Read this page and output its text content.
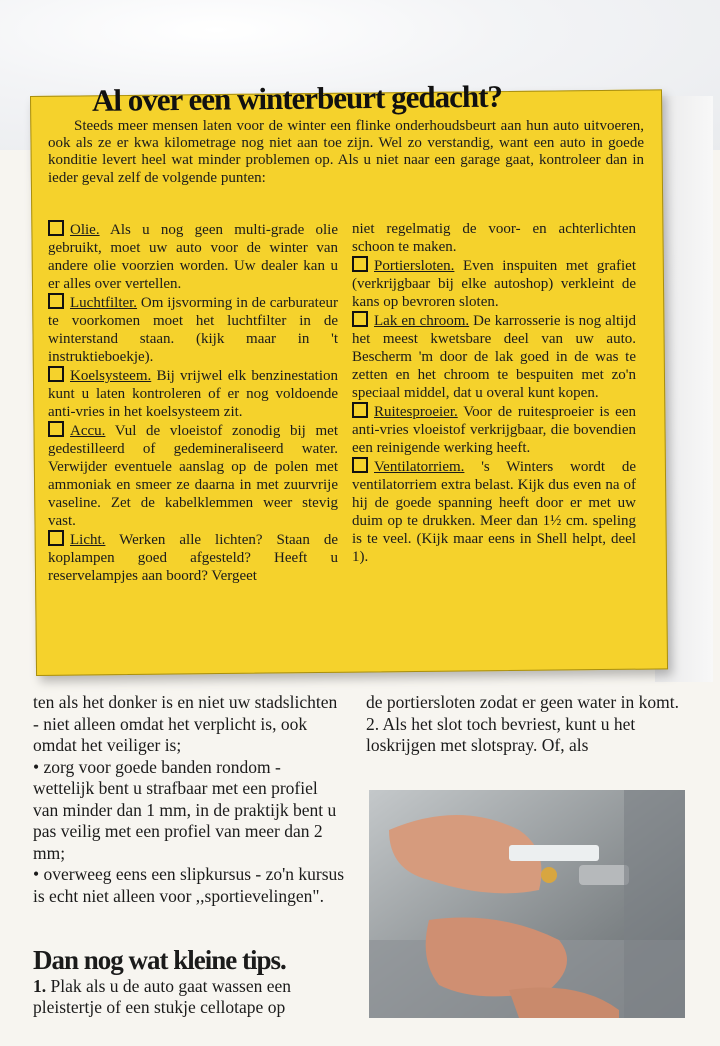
Al over een winterbeurt gedacht?
Steeds meer mensen laten voor de winter een flinke onderhoudsbeurt aan hun auto uitvoeren, ook als ze er kwa kilometrage nog niet aan toe zijn. Wel zo verstandig, want een auto in goede konditie levert heel wat minder problemen op. Als u niet naar een garage gaat, kontroleer dan in ieder geval zelf de volgende punten:

Olie. Als u nog geen multi-grade olie gebruikt, moet uw auto voor de winter van andere olie voorzien worden. Uw dealer kan u er alles over vertellen.

Luchtfilter. Om ijsvorming in de carburateur te voorkomen moet het luchtfilter in de winterstand staan. (kijk maar in 't instruktieboekje).

Koelsysteem. Bij vrijwel elk benzinestation kunt u laten kontroleren of er nog voldoende anti-vries in het koelsysteem zit.

Accu. Vul de vloeistof zonodig bij met gedestilleerd of gedemineraliseerd water. Verwijder eventuele aanslag op de polen met ammoniak en smeer ze daarna in met zuurvrije vaseline. Zet de kabelklemmen weer stevig vast.

Licht. Werken alle lichten? Staan de koplampen goed afgesteld? Heeft u reservelampjes aan boord? Vergeet

niet regelmatig de voor- en achterlichten schoon te maken.

Portiersloten. Even inspuiten met grafiet (verkrijgbaar bij elke autoshop) verkleint de kans op bevroren sloten.

Lak en chroom. De karrosserie is nog altijd het meest kwetsbare deel van uw auto. Bescherm 'm door de lak goed in de was te zetten en het chroom te bespuiten met zo'n speciaal middel, dat u overal kunt kopen.

Ruitesproeier. Voor de ruitesproeier is een anti-vries vloeistof verkrijgbaar, die bovendien een reinigende werking heeft.

Ventilatorriem. 's Winters wordt de ventilatorriem extra belast. Kijk dus even na of hij de goede spanning heeft door er met uw duim op te drukken. Meer dan 1½ cm. speling is te veel. (Kijk maar eens in Shell helpt, deel 1).

ten als het donker is en niet uw stadslichten - niet alleen omdat het verplicht is, ook omdat het veiliger is;

• zorg voor goede banden rondom - wettelijk bent u strafbaar met een profiel van minder dan 1 mm, in de praktijk bent u pas veilig met een profiel van meer dan 2 mm;

• overweeg eens een slipkursus - zo'n kursus is echt niet alleen voor ,,sportievelingen".

Dan nog wat kleine tips.
1. Plak als u de auto gaat wassen een pleistertje of een stukje cellotape op

de portiersloten zodat er geen water in komt.

2. Als het slot toch bevriest, kunt u het loskrijgen met slotspray. Of, als
